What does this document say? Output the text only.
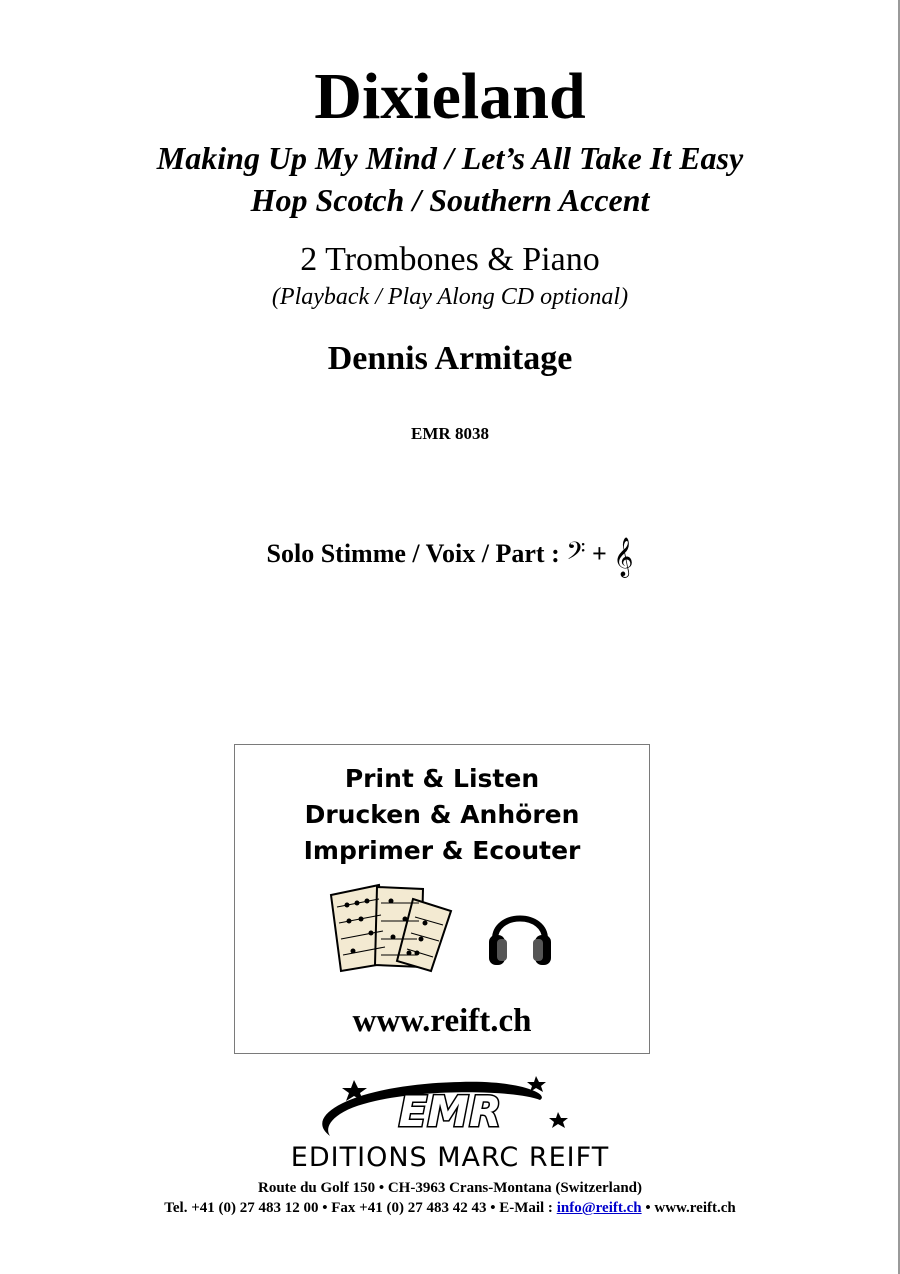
Dixieland
Making Up My Mind / Let’s All Take It Easy
Hop Scotch / Southern Accent
2 Trombones & Piano
(Playback / Play Along CD optional)
Dennis Armitage
EMR 8038
Solo Stimme / Voix / Part : 𝄢 + 𝄞
Print & Listen
Drucken & Anhören
Imprimer & Ecouter
www.reift.ch
EMR
EDITIONS MARC REIFT
Route du Golf 150 • CH-3963 Crans-Montana (Switzerland)
Tel. +41 (0) 27 483 12 00 • Fax +41 (0) 27 483 42 43 • E-Mail : info@reift.ch • www.reift.ch
